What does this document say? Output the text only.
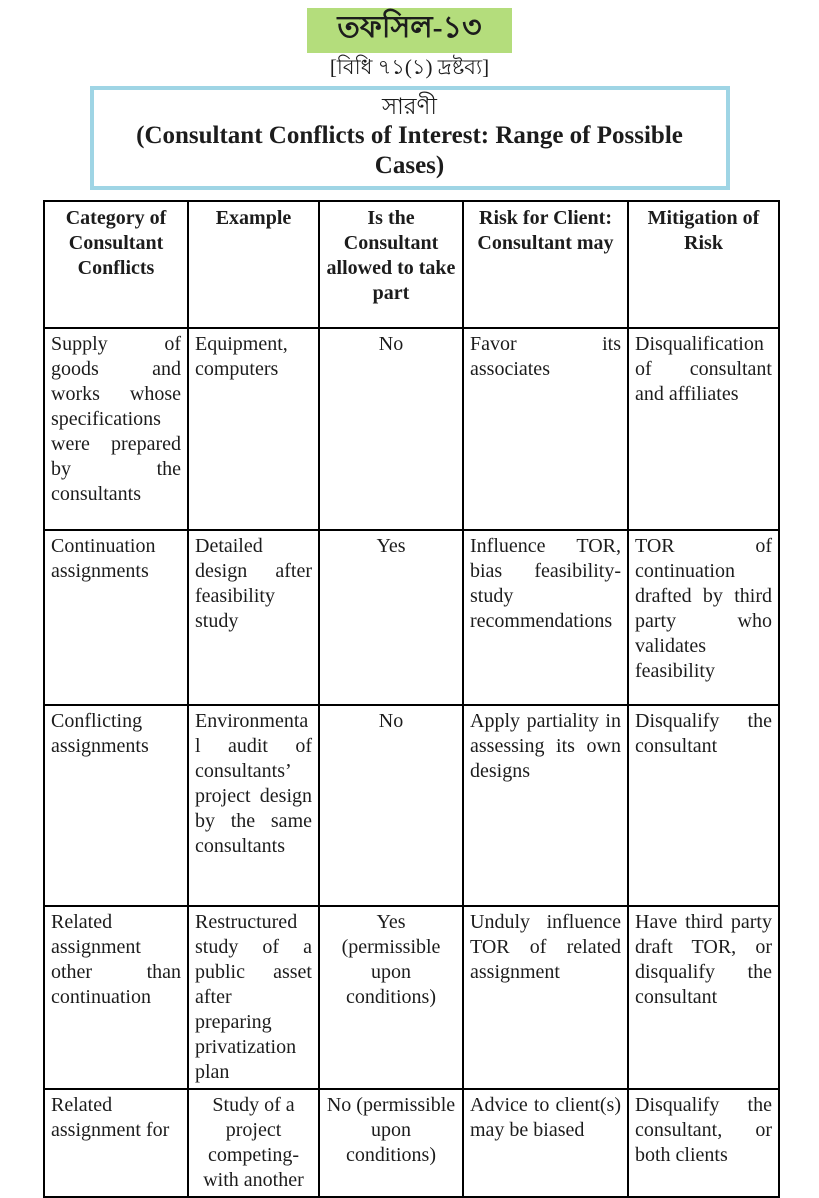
তফসিল-১৩
[বিধি ৭১(১) দ্রষ্টব্য]
সারণী
(Consultant Conflicts of Interest: Range of Possible Cases)
Category of Consultant Conflicts	Example	Is the Consultant allowed to take part	Risk for Client: Consultant may	Mitigation of Risk
Supply of goods and works whose specifications were prepared by the consultants	Equipment, computers	No	Favor its associates	Disqualification of consultant and affiliates
Continuation assignments	Detailed design after feasibility study	Yes	Influence TOR, bias feasibility-study recommendations	TOR of continuation drafted by third party who validates feasibility
Conflicting assignments	Environmental audit of consultants’ project design by the same consultants	No	Apply partiality in assessing its own designs	Disqualify the consultant
Related assignment other than continuation	Restructured study of a public asset after preparing privatization plan	Yes (permissible upon conditions)	Unduly influence TOR of related assignment	Have third party draft TOR, or disqualify the consultant
Related assignment for	Study of a project competing- with another	No (permissible upon conditions)	Advice to client(s) may be biased	Disqualify the consultant, or both clients
